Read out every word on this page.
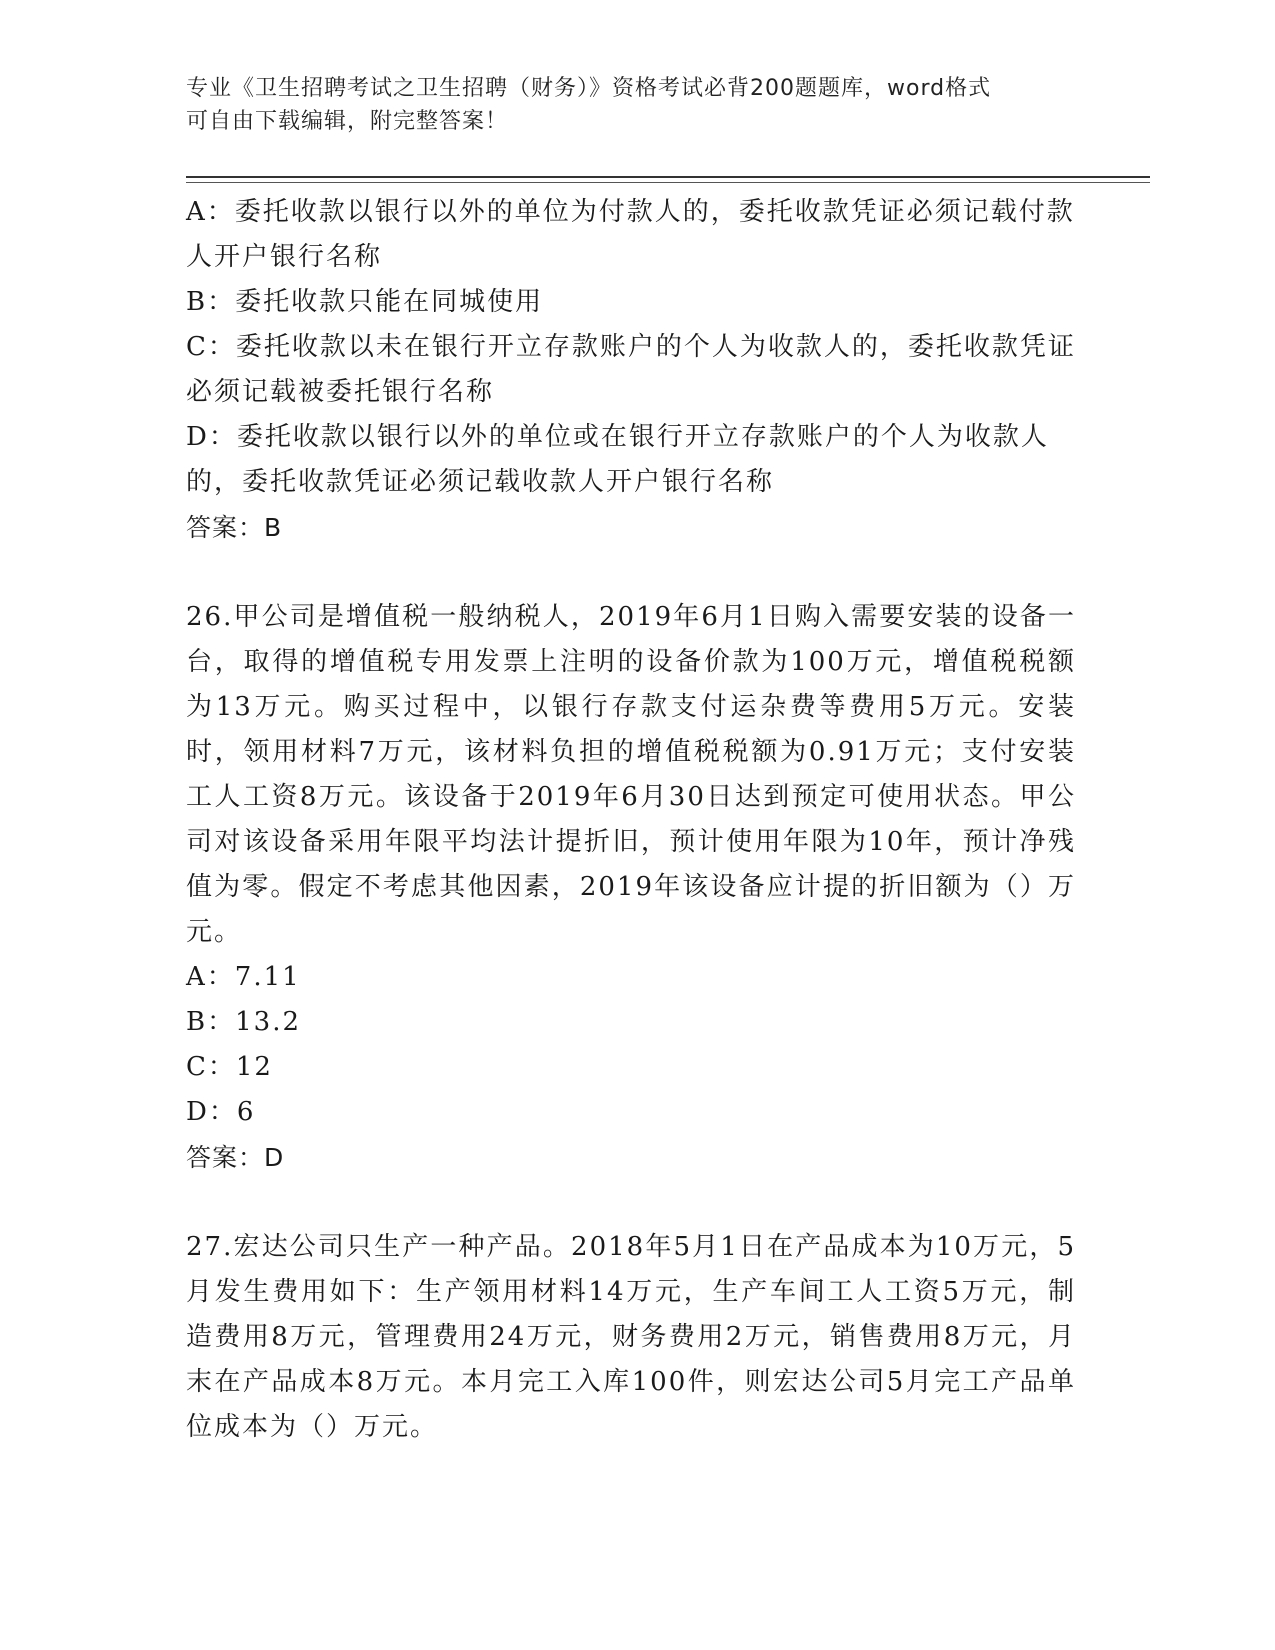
专业《卫生招聘考试之卫生招聘（财务）》资格考试必背200题题库，word格式
可自由下载编辑，附完整答案！
A：委托收款以银行以外的单位为付款人的，委托收款凭证必须记载付款人开户银行名称
B：委托收款只能在同城使用
C：委托收款以未在银行开立存款账户的个人为收款人的，委托收款凭证必须记载被委托银行名称
D：委托收款以银行以外的单位或在银行开立存款账户的个人为收款人的，委托收款凭证必须记载收款人开户银行名称
答案：B
26.甲公司是增值税一般纳税人，2019年6月1日购入需要安装的设备一台，取得的增值税专用发票上注明的设备价款为100万元，增值税税额为13万元。购买过程中，以银行存款支付运杂费等费用5万元。安装时，领用材料7万元，该材料负担的增值税税额为0.91万元；支付安装工人工资8万元。该设备于2019年6月30日达到预定可使用状态。甲公司对该设备采用年限平均法计提折旧，预计使用年限为10年，预计净残值为零。假定不考虑其他因素，2019年该设备应计提的折旧额为（）万元。
A：7.11
B：13.2
C：12
D：6
答案：D
27.宏达公司只生产一种产品。2018年5月1日在产品成本为10万元，5月发生费用如下：生产领用材料14万元，生产车间工人工资5万元，制造费用8万元，管理费用24万元，财务费用2万元，销售费用8万元，月末在产品成本8万元。本月完工入库100件，则宏达公司5月完工产品单位成本为（）万元。
